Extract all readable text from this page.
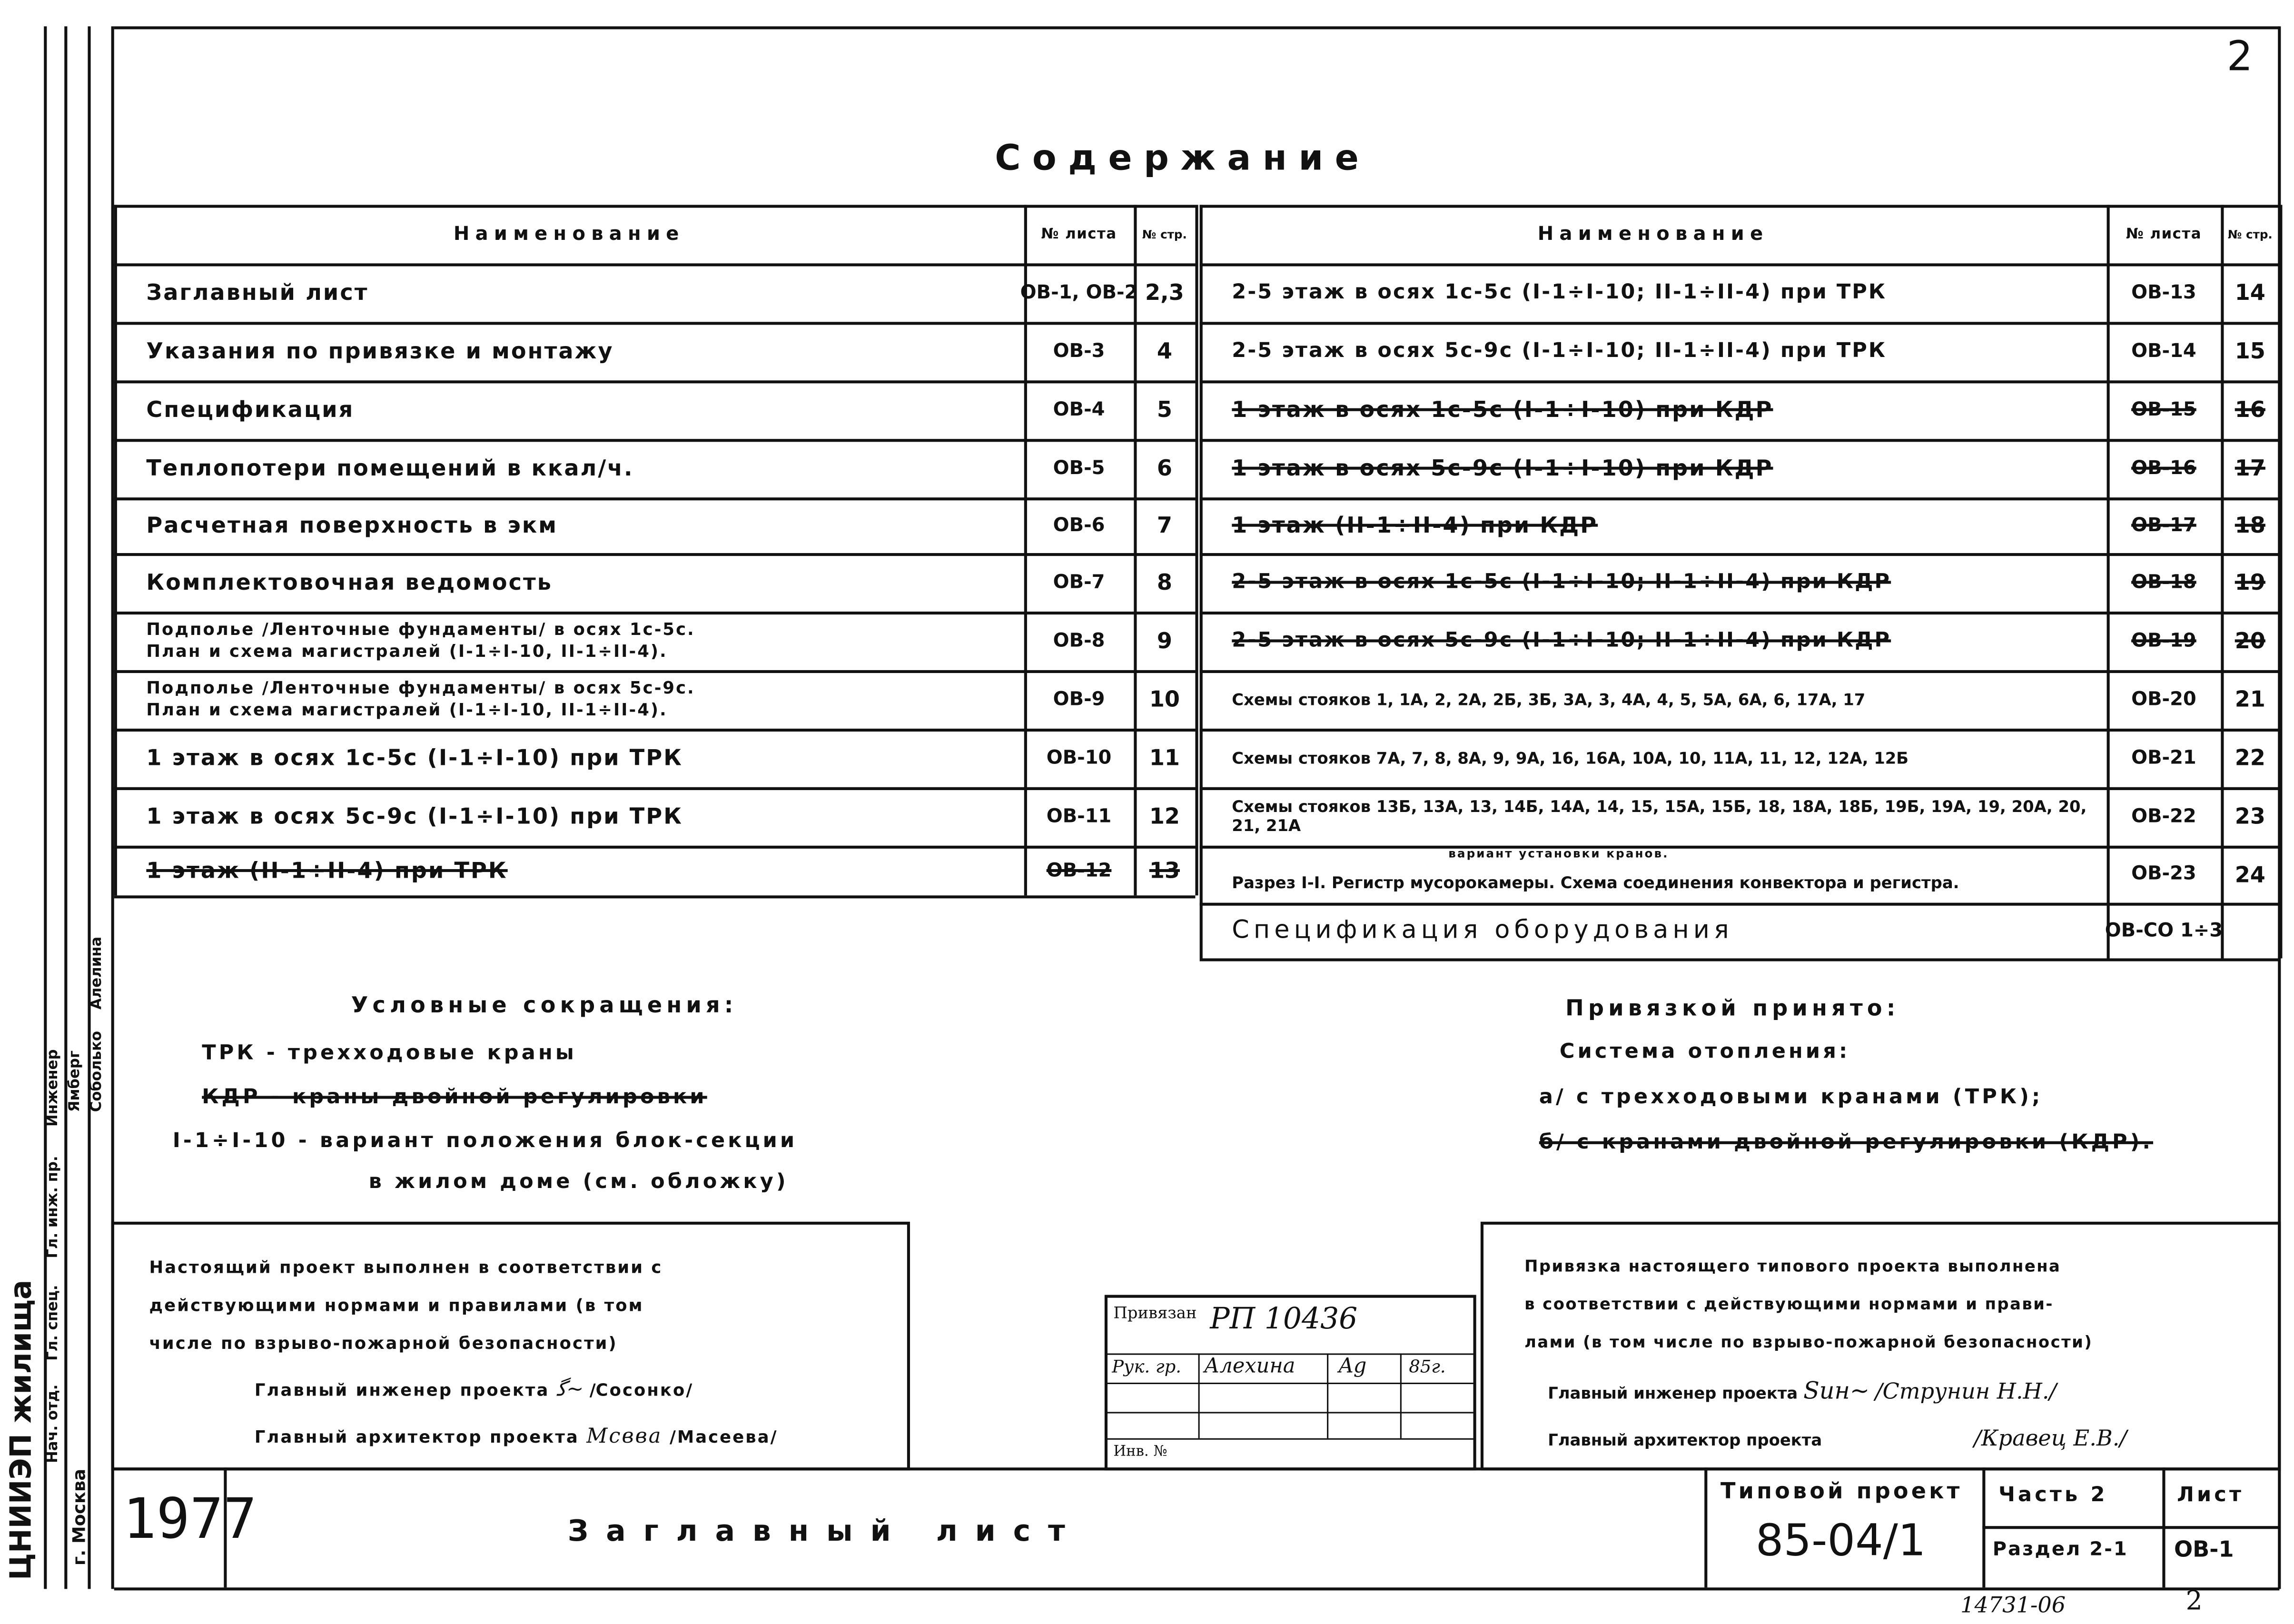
2
ЦНИИЭП жилища	г. Москва
Нач. отд.
Гл. спец.
Гл. инж. пр.
Инженер Ямберг Соболько
Алелина
Содержание
Наименование	№ листа	№ стр.
Заглавный лист	ОВ-1, ОВ-2	2,3
Указания по привязке и монтажу	ОВ-3	4
Спецификация	ОВ-4	5
Теплопотери помещений в ккал/ч.	ОВ-5	6
Расчетная поверхность в экм	ОВ-6	7
Комплектовочная ведомость	ОВ-7	8
Подполье /Ленточные фундаменты/ в осях 1с-5с.
План и схема магистралей (I-1÷I-10, II-1÷II-4).	ОВ-8	9
Подполье /Ленточные фундаменты/ в осях 5с-9с.
План и схема магистралей (I-1÷I-10, II-1÷II-4).	ОВ-9	10
1 этаж в осях 1с-5с (I-1÷I-10) при ТРК	ОВ-10	11
1 этаж в осях 5с-9с (I-1÷I-10) при ТРК	ОВ-11	12
1 этаж (II-1÷II-4) при ТРК	ОВ-12	13
Наименование	№ листа	№ стр.
2-5 этаж в осях 1с-5с (I-1÷I-10; II-1÷II-4) при ТРК	ОВ-13	14
2-5 этаж в осях 5с-9с (I-1÷I-10; II-1÷II-4) при ТРК	ОВ-14	15
1 этаж в осях 1с-5с (I-1÷I-10) при КДР	ОВ-15	16
1 этаж в осях 5с-9с (I-1÷I-10) при КДР	ОВ-16	17
1 этаж (II-1÷II-4) при КДР	ОВ-17	18
2-5 этаж в осях 1с-5с (I-1÷I-10; II-1÷II-4) при КДР	ОВ-18	19
2-5 этаж в осях 5с-9с (I-1÷I-10; II-1÷II-4) при КДР	ОВ-19	20
Схемы стояков 1, 1А, 2, 2А, 2Б, 3Б, 3А, 3, 4А, 4, 5, 5А, 6А, 6, 17А, 17	ОВ-20	21
Схемы стояков 7А, 7, 8, 8А, 9, 9А, 16, 16А, 10А, 10, 11А, 11, 12, 12А, 12Б	ОВ-21	22
Схемы стояков 13Б, 13А, 13, 14Б, 14А, 14, 15, 15А, 15Б, 18, 18А, 18Б, 19Б, 19А, 19, 20А, 20, 21, 21А	ОВ-22	23
вариант установки кранов.
Разрез I-I. Регистр мусорокамеры. Схема соединения конвектора и регистра.	ОВ-23	24
Спецификация оборудования	ОВ-СО 1÷3
Условные сокращения:
ТРК - трехходовые краны
КДР - краны двойной регулировки
I-1÷I-10 - вариант положения блок-секции
в жилом доме (см. обложку)
Привязкой принято:
Система отопления:
а/ с трехходовыми кранами (ТРК);
б/ с кранами двойной регулировки (КДР).
Настоящий проект выполнен в соответствии с
действующими нормами и правилами (в том
числе по взрыво-пожарной безопасности)
Главный инженер проекта ﮔ~ /Сосонко/
Главный архитектор проекта Мсвва /Масеева/
Привязан РП 10436
Рук. гр.	Алехина	Ag	85г.
Инв. №
Привязка настоящего типового проекта выполнена
в соответствии с действующими нормами и прави-
лами (в том числе по взрыво-пожарной безопасности)
Главный инженер проекта Ѕин~ /Струнин Н.Н./
Главный архитектор проекта	/Кравец Е.В./
1977	Заглавный лист
Типовой проект
85-04/1
Часть 2
Раздел 2-1
Лист
ОВ-1
14731-06	2
